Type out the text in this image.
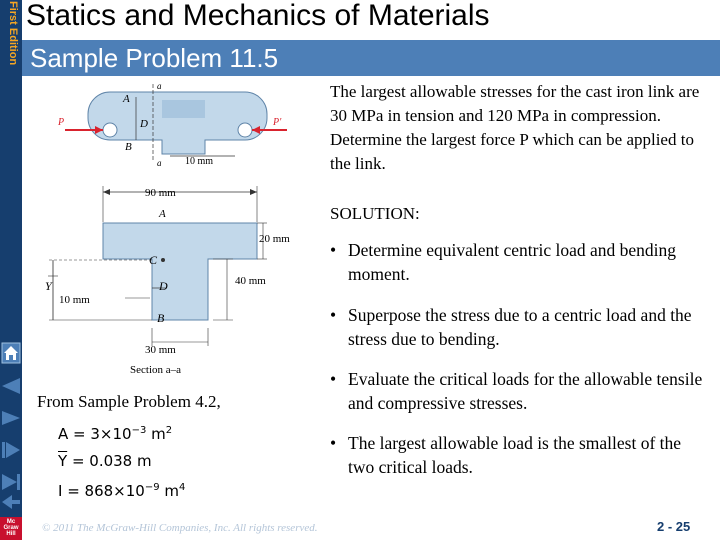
First Edition Statics and Mechanics of Materials
Sample Problem 11.5
P	P'
A
D
B
a
a 10 mm
90 mm
A
20 mm
C
40 mm
D
Y
10 mm
B
30 mm
Section a–a
The largest allowable stresses for the cast iron link are 30 MPa in tension and 120 MPa in compression. Determine the largest force P which can be applied to the link.
SOLUTION:
• Determine equivalent centric load and bending moment.
• Superpose the stress due to a centric load and the stress due to bending.
• Evaluate the critical loads for the allowable tensile and compressive stresses.
• The largest allowable load is the smallest of the two critical loads.
From Sample Problem 4.2,
$A = 3\times 10^{-3}$ $m^2$
$\overline{Y} = 0.038$ m
$I = 868\times 10^{-9}$ $m^4$
Mc Graw Hill	© 2011 The McGraw-Hill Companies, Inc. All rights reserved.	2 - 25
